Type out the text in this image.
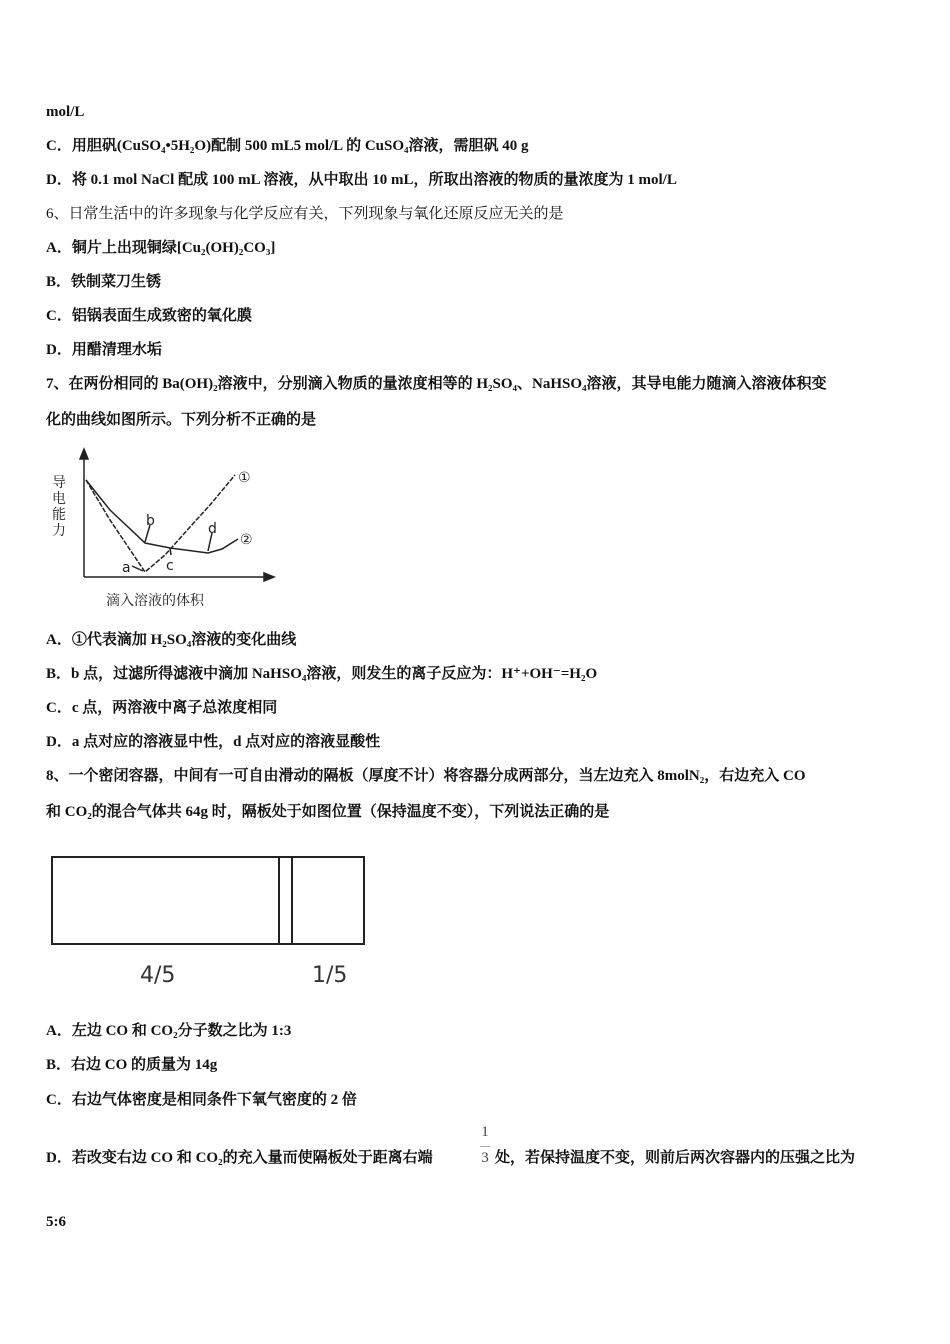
mol/L
C．用胆矾(CuSO₄•5H₂O)配制 500 mL5 mol/L 的 CuSO₄溶液，需胆矾 40 g
D．将 0.1 mol NaCl 配成 100 mL 溶液，从中取出 10 mL，所取出溶液的物质的量浓度为 1 mol/L
6、日常生活中的许多现象与化学反应有关，下列现象与氧化还原反应无关的是
A．铜片上出现铜绿[Cu₂(OH)₂CO₃]
B．铁制菜刀生锈
C．铝锅表面生成致密的氧化膜
D．用醋清理水垢
7、在两份相同的 Ba(OH)₂溶液中，分别滴入物质的量浓度相等的 H₂SO₄、NaHSO₄溶液，其导电能力随滴入溶液体积变
化的曲线如图所示。下列分析不正确的是
①
②
a
b
c
d
导
电
能
力
滴入溶液的体积
A．①代表滴加 H₂SO₄溶液的变化曲线
B．b 点，过滤所得滤液中滴加 NaHSO₄溶液，则发生的离子反应为：H⁺+OH⁻=H₂O
C．c 点，两溶液中离子总浓度相同
D．a 点对应的溶液显中性，d 点对应的溶液显酸性
8、一个密闭容器，中间有一可自由滑动的隔板（厚度不计）将容器分成两部分，当左边充入 8molN₂，右边充入 CO
和 CO₂的混合气体共 64g 时，隔板处于如图位置（保持温度不变），下列说法正确的是
4/5	1/5
A．左边 CO 和 CO₂分子数之比为 1:3
B．右边 CO 的质量为 14g
C．右边气体密度是相同条件下氧气密度的 2 倍
D．若改变右边 CO 和 CO₂的充入量而使隔板处于距离右端
1
3 处，若保持温度不变，则前后两次容器内的压强之比为
5:6
